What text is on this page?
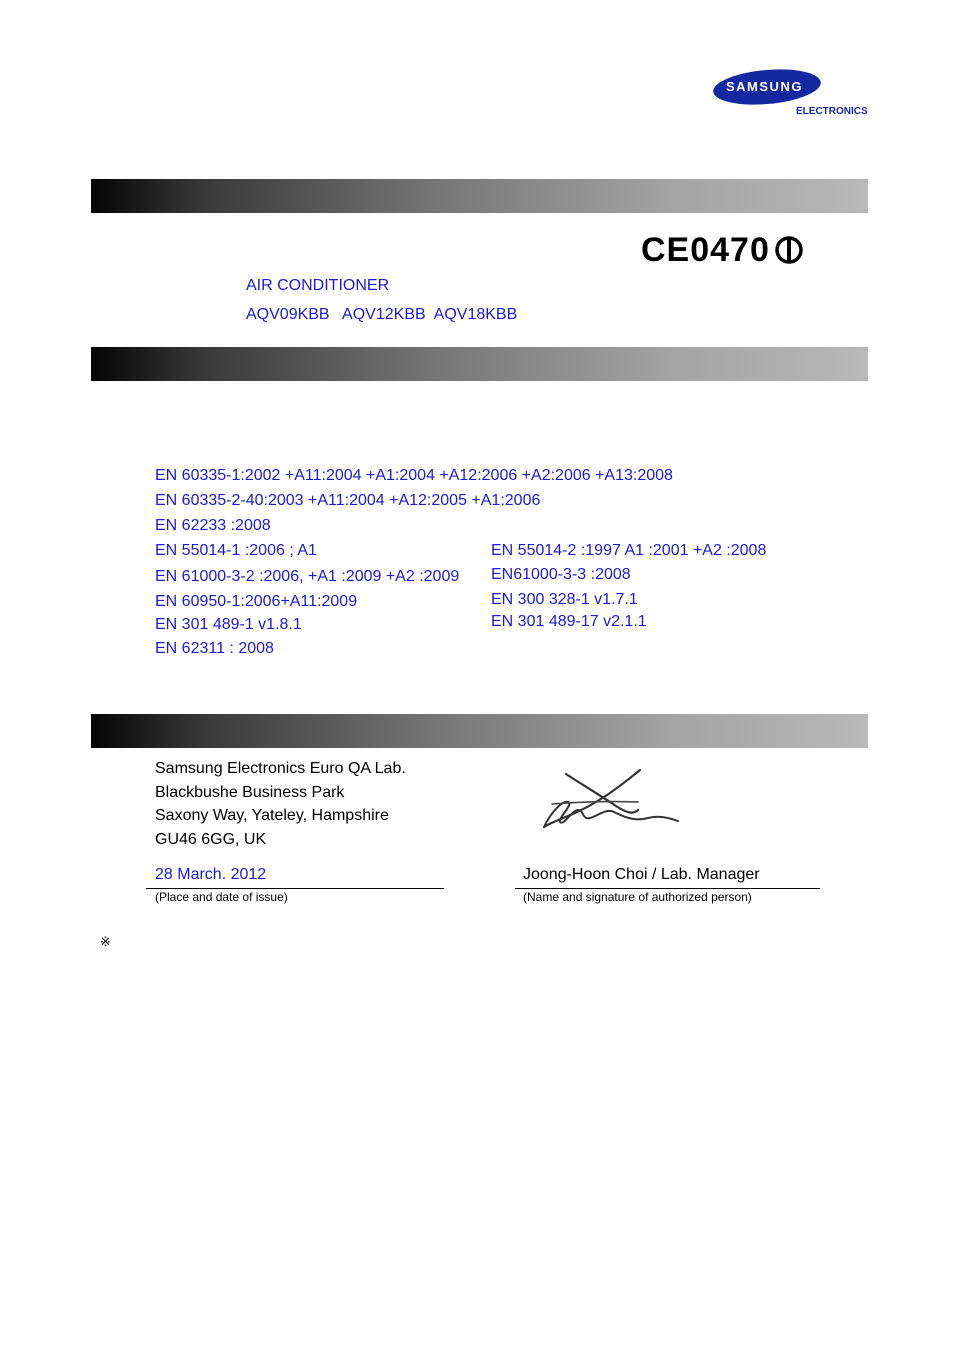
SAMSUNG
ELECTRONICS
CE0470
AIR CONDITIONER
AQV09KBB   AQV12KBB  AQV18KBB
EN 60335-1:2002 +A11:2004 +A1:2004 +A12:2006 +A2:2006 +A13:2008
EN 60335-2-40:2003 +A11:2004 +A12:2005 +A1:2006
EN 62233 :2008
EN 55014-1 :2006 ; A1
EN 61000-3-2 :2006, +A1 :2009 +A2 :2009
EN 60950-1:2006+A11:2009
EN 301 489-1 v1.8.1
EN 62311 : 2008
EN 55014-2 :1997 A1 :2001 +A2 :2008
EN61000-3-3 :2008
EN 300 328-1 v1.7.1
EN 301 489-17 v2.1.1
Samsung Electronics Euro QA Lab.
Blackbushe Business Park
Saxony Way, Yateley, Hampshire
GU46 6GG, UK
28 March. 2012
(Place and date of issue)
Joong-Hoon Choi / Lab. Manager
(Name and signature of authorized person)
※
